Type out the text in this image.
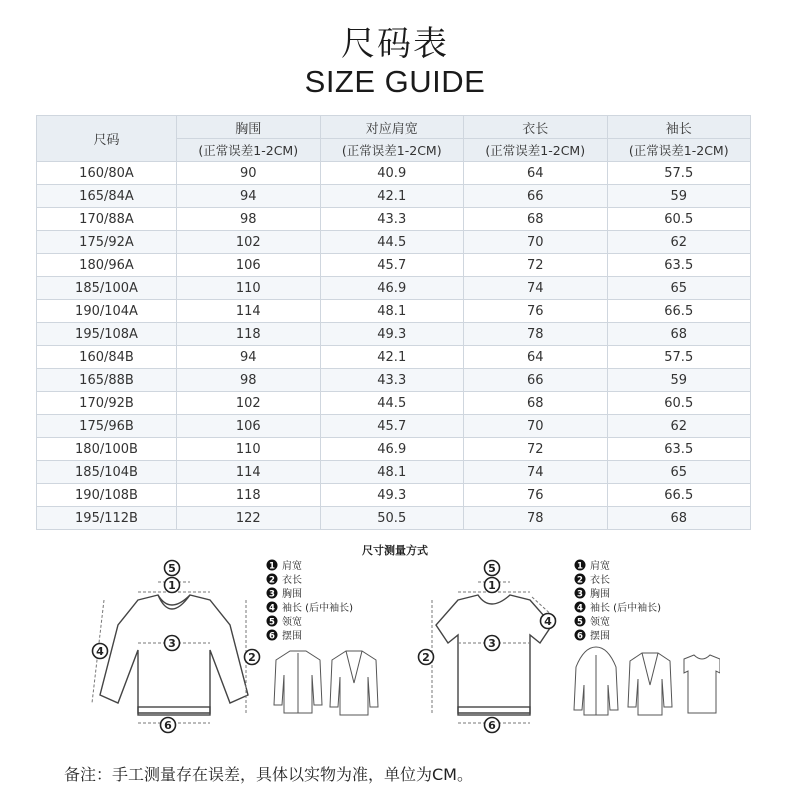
尺码表
SIZE GUIDE
尺码	胸围	对应肩宽	衣长	袖长
	(正常误差1-2CM)	(正常误差1-2CM)	(正常误差1-2CM)	(正常误差1-2CM)
160/80A	90	40.9	64	57.5
165/84A	94	42.1	66	59
170/88A	98	43.3	68	60.5
175/92A	102	44.5	70	62
180/96A	106	45.7	72	63.5
185/100A	110	46.9	74	65
190/104A	114	48.1	76	66.5
195/108A	118	49.3	78	68
160/84B	94	42.1	64	57.5
165/88B	98	43.3	66	59
170/92B	102	44.5	68	60.5
175/96B	106	45.7	70	62
180/100B	110	46.9	72	63.5
185/104B	114	48.1	74	65
190/108B	118	49.3	76	66.5
195/112B	122	50.5	78	68
尺寸测量方式
5
1
3
4	2
6
5
1
3
4
2
6
1 肩宽
2 衣长
3 胸围
4 袖长 (后中袖长)
5 领宽
6 摆围
1 肩宽
2 衣长
3 胸围
4 袖长 (后中袖长)
5 领宽
6 摆围
备注：手工测量存在误差，具体以实物为准，单位为CM。
